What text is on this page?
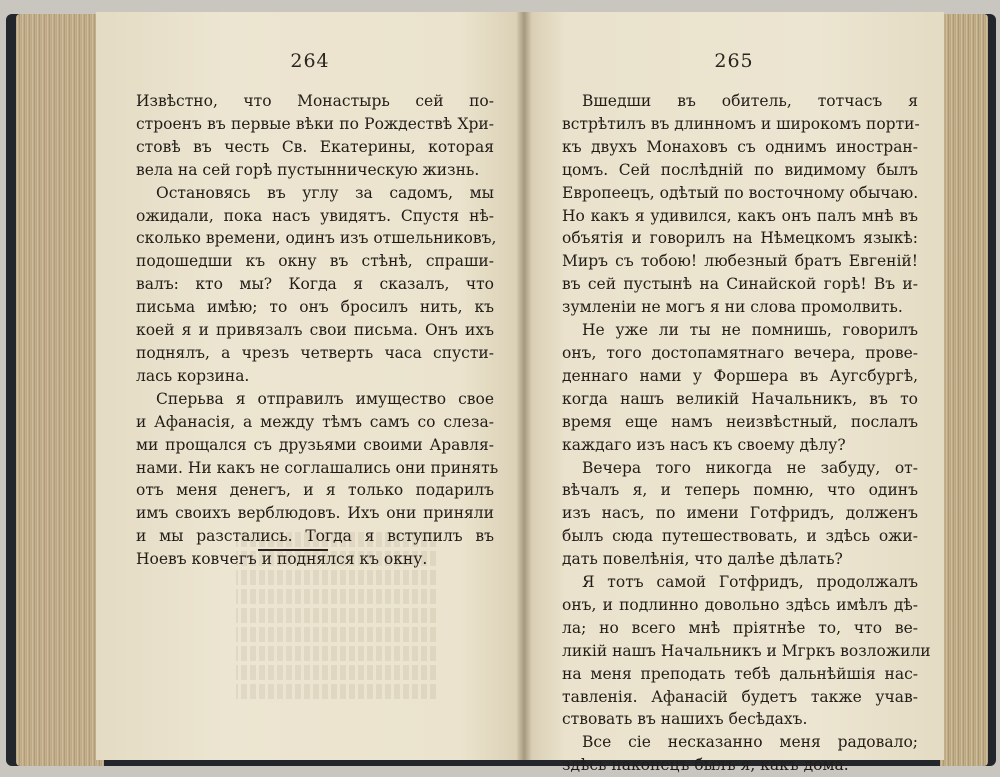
264
Извѣстно, что Монастырь сей по-
строенъ въ первые вѣки по Рождествѣ Хри-
стовѣ въ честь Св. Екатерины, которая
вела на сей горѣ пустынническую жизнь.
Остановясь въ углу за садомъ, мы
ожидали, пока насъ увидятъ. Спустя нѣ-
сколько времени, одинъ изъ отшельниковъ,
подошедши къ окну въ стѣнѣ, спраши-
валъ: кто мы? Когда я сказалъ, что
письма имѣю; то онъ бросилъ нить, къ
коей я и привязалъ свои письма. Онъ ихъ
поднялъ, а чрезъ четверть часа спусти-
лась корзина.
Сперьва я отправилъ имущество свое
и Афанасія, а между тѣмъ самъ со слеза-
ми прощался съ друзьями своими Аравля-
нами. Ни какъ не соглашались они принять
отъ меня денегъ, и я только подарилъ
имъ своихъ верблюдовъ. Ихъ они приняли
и мы разстались. Тогда я вступилъ въ
Ноевъ ковчегъ и поднялся къ окну.
265
Вшедши въ обитель, тотчасъ я
встрѣтилъ въ длинномъ и широкомъ порти-
къ двухъ Монаховъ съ однимъ иностран-
цомъ. Сей послѣдній по видимому былъ
Европеецъ, одѣтый по восточному обычаю.
Но какъ я удивился, какъ онъ палъ мнѣ въ
объятія и говорилъ на Нѣмецкомъ языкѣ:
Миръ съ тобою! любезный братъ Евгеній!
въ сей пустынѣ на Синайской горѣ! Въ и-
зумленіи не могъ я ни слова промолвить.
Не уже ли ты не помнишь, говорилъ
онъ, того достопамятнаго вечера, прове-
деннаго нами у Форшера въ Аугсбургѣ,
когда нашъ великій Начальникъ, въ то
время еще намъ неизвѣстный, послалъ
каждаго изъ насъ къ своему дѣлу?
Вечера того никогда не забуду, от-
вѣчалъ я, и теперь помню, что одинъ
изъ насъ, по имени Готфридъ, долженъ
былъ сюда путешествовать, и здѣсь ожи-
дать повелѣнія, что далѣе дѣлать?
Я тотъ самой Готфридъ, продолжалъ
онъ, и подлинно довольно здѣсь имѣлъ дѣ-
ла; но всего мнѣ пріятнѣе то, что ве-
ликій нашъ Начальникъ и Мгркъ возложили
на меня преподать тебѣ дальнѣйшія нас-
тавленія. Афанасій будетъ также учав-
ствовать въ нашихъ бесѣдахъ.
Все сіе несказанно меня радовало;
здѣсь наконецъ былъ я, какъ дома.
